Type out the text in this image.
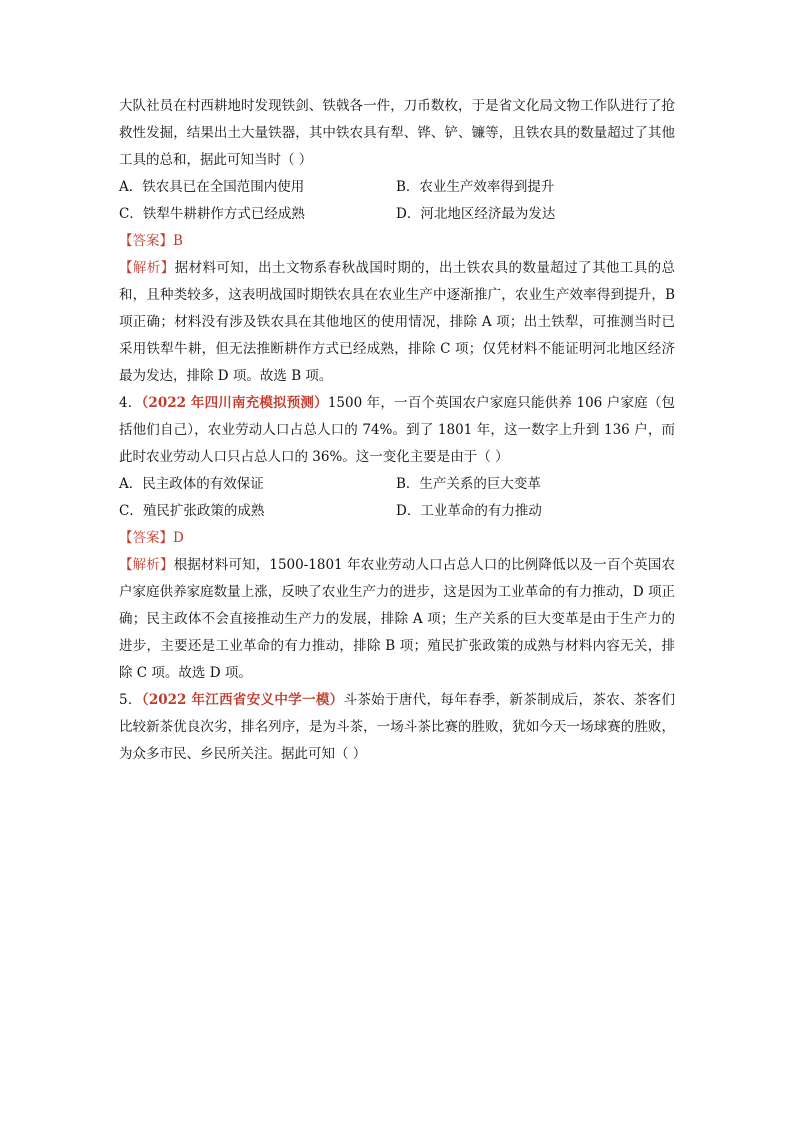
大队社员在村西耕地时发现铁剑、铁戟各一件，刀币数枚，于是省文化局文物工作队进行了抢救性发掘，结果出土大量铁器，其中铁农具有犁、铧、铲、镰等，且铁农具的数量超过了其他工具的总和，据此可知当时（ ）

A．铁农具已在全国范围内使用	B．农业生产效率得到提升
C．铁犁牛耕耕作方式已经成熟	D．河北地区经济最为发达

【答案】B

【解析】据材料可知，出土文物系春秋战国时期的，出土铁农具的数量超过了其他工具的总和，且种类较多，这表明战国时期铁农具在农业生产中逐渐推广，农业生产效率得到提升，B 项正确；材料没有涉及铁农具在其他地区的使用情况，排除 A 项；出土铁犁，可推测当时已采用铁犁牛耕，但无法推断耕作方式已经成熟，排除 C 项；仅凭材料不能证明河北地区经济最为发达，排除 D 项。故选 B 项。

4．（2022 年四川南充模拟预测）1500 年，一百个英国农户家庭只能供养 106 户家庭（包括他们自己），农业劳动人口占总人口的 74%。到了 1801 年，这一数字上升到 136 户，而此时农业劳动人口只占总人口的 36%。这一变化主要是由于（ ）

A．民主政体的有效保证	B．生产关系的巨大变革
C．殖民扩张政策的成熟	D．工业革命的有力推动

【答案】D

【解析】根据材料可知，1500-1801 年农业劳动人口占总人口的比例降低以及一百个英国农户家庭供养家庭数量上涨，反映了农业生产力的进步，这是因为工业革命的有力推动，D 项正确；民主政体不会直接推动生产力的发展，排除 A 项；生产关系的巨大变革是由于生产力的进步，主要还是工业革命的有力推动，排除 B 项；殖民扩张政策的成熟与材料内容无关，排除 C 项。故选 D 项。

5．（2022 年江西省安义中学一模）斗茶始于唐代，每年春季，新茶制成后，茶农、茶客们比较新茶优良次劣，排名列序，是为斗茶，一场斗茶比赛的胜败，犹如今天一场球赛的胜败，为众多市民、乡民所关注。据此可知（ ）
